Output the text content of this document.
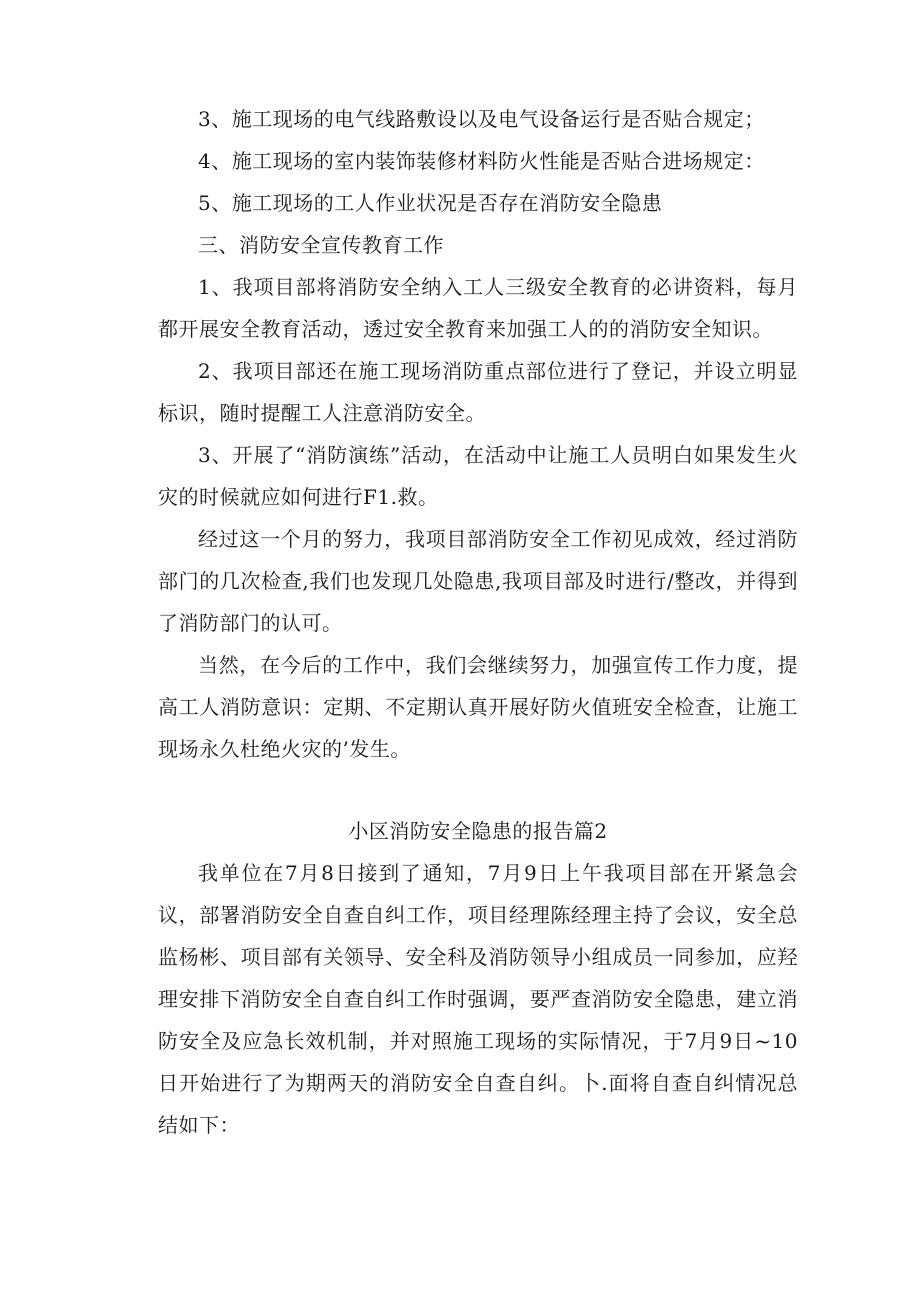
3、施工现场的电气线路敷设以及电气设备运行是否贴合规定；

4、施工现场的室内装饰装修材料防火性能是否贴合进场规定：

5、施工现场的工人作业状况是否存在消防安全隐患

三、消防安全宣传教育工作

1、我项目部将消防安全纳入工人三级安全教育的必讲资料，每月都开展安全教育活动，透过安全教育来加强工人的的消防安全知识。

2、我项目部还在施工现场消防重点部位进行了登记，并设立明显标识，随时提醒工人注意消防安全。

3、开展了“消防演练”活动，在活动中让施工人员明白如果发生火灾的时候就应如何进行F1.救。

经过这一个月的努力，我项目部消防安全工作初见成效，经过消防部门的几次检查,我们也发现几处隐患,我项目部及时进行/整改，并得到了消防部门的认可。

当然，在今后的工作中，我们会继续努力，加强宣传工作力度，提高工人消防意识：定期、不定期认真开展好防火值班安全检查，让施工现场永久杜绝火灾的’发生。

小区消防安全隐患的报告篇2

我单位在7月8日接到了通知，7月9日上午我项目部在开紧急会议，部署消防安全自查自纠工作，项目经理陈经理主持了会议，安全总监杨彬、项目部有关领导、安全科及消防领导小组成员一同参加，应羟理安排下消防安全自查自纠工作时强调，要严查消防安全隐患，建立消防安全及应急长效机制，并对照施工现场的实际情况，于7月9日~10日开始进行了为期两天的消防安全自查自纠。卜.面将自查自纠情况总结如下：
